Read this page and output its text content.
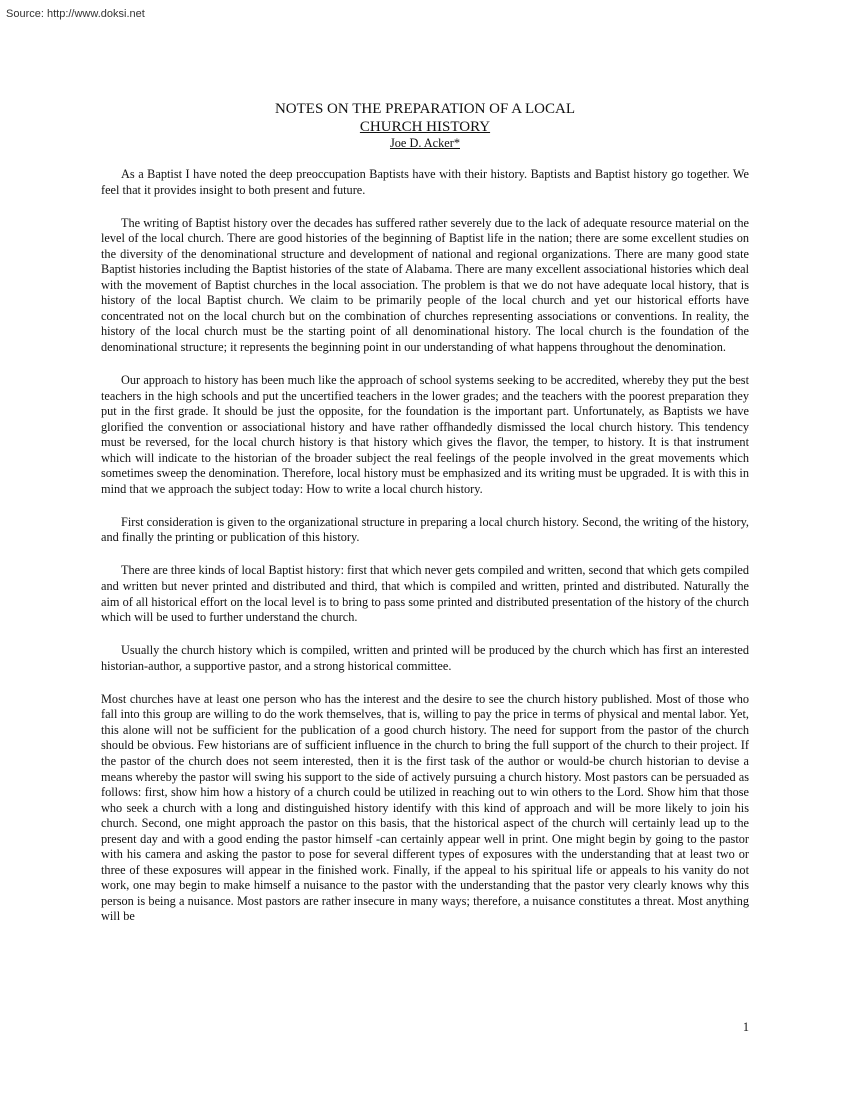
Source: http://www.doksi.net
NOTES ON THE PREPARATION OF A LOCAL
CHURCH HISTORY
Joe D. Acker*

As a Baptist I have noted the deep preoccupation Baptists have with their history. Baptists and Baptist history go together. We feel that it provides insight to both present and future.

The writing of Baptist history over the decades has suffered rather severely due to the lack of adequate resource material on the level of the local church. There are good histories of the beginning of Baptist life in the nation; there are some excellent studies on the diversity of the denominational structure and development of national and regional organizations. There are many good state Baptist histories including the Baptist histories of the state of Alabama. There are many excellent associational histories which deal with the movement of Baptist churches in the local association. The problem is that we do not have adequate local history, that is history of the local Baptist church. We claim to be primarily people of the local church and yet our historical efforts have concentrated not on the local church but on the combination of churches representing associations or conventions. In reality, the history of the local church must be the starting point of all denominational history. The local church is the foundation of the denominational structure; it represents the beginning point in our understanding of what happens throughout the denomination.

Our approach to history has been much like the approach of school systems seeking to be accredited, whereby they put the best teachers in the high schools and put the uncertified teachers in the lower grades; and the teachers with the poorest preparation they put in the first grade. It should be just the opposite, for the foundation is the important part. Unfortunately, as Baptists we have glorified the convention or associational history and have rather offhandedly dismissed the local church history. This tendency must be reversed, for the local church history is that history which gives the flavor, the temper, to history. It is that instrument which will indicate to the historian of the broader subject the real feelings of the people involved in the great movements which sometimes sweep the denomination. Therefore, local history must be emphasized and its writing must be upgraded. It is with this in mind that we approach the subject today: How to write a local church history.

First consideration is given to the organizational structure in preparing a local church history. Second, the writing of the history, and finally the printing or publication of this history.

There are three kinds of local Baptist history: first that which never gets compiled and written, second that which gets compiled and written but never printed and distributed and third, that which is compiled and written, printed and distributed. Naturally the aim of all historical effort on the local level is to bring to pass some printed and distributed presentation of the history of the church which will be used to further understand the church.

Usually the church history which is compiled, written and printed will be produced by the church which has first an interested historian-author, a supportive pastor, and a strong historical committee.

Most churches have at least one person who has the interest and the desire to see the church history published. Most of those who fall into this group are willing to do the work themselves, that is, willing to pay the price in terms of physical and mental labor. Yet, this alone will not be sufficient for the publication of a good church history. The need for support from the pastor of the church should be obvious. Few historians are of sufficient influence in the church to bring the full support of the church to their project. If the pastor of the church does not seem interested, then it is the first task of the author or would-be church historian to devise a means whereby the pastor will swing his support to the side of actively pursuing a church history. Most pastors can be persuaded as follows: first, show him how a history of a church could be utilized in reaching out to win others to the Lord. Show him that those who seek a church with a long and distinguished history identify with this kind of approach and will be more likely to join his church. Second, one might approach the pastor on this basis, that the historical aspect of the church will certainly lead up to the present day and with a good ending the pastor himself -can certainly appear well in print. One might begin by going to the pastor with his camera and asking the pastor to pose for several different types of exposures with the understanding that at least two or three of these exposures will appear in the finished work. Finally, if the appeal to his spiritual life or appeals to his vanity do not work, one may begin to make himself a nuisance to the pastor with the understanding that the pastor very clearly knows why this person is being a nuisance. Most pastors are rather insecure in many ways; therefore, a nuisance constitutes a threat. Most anything will be

1
